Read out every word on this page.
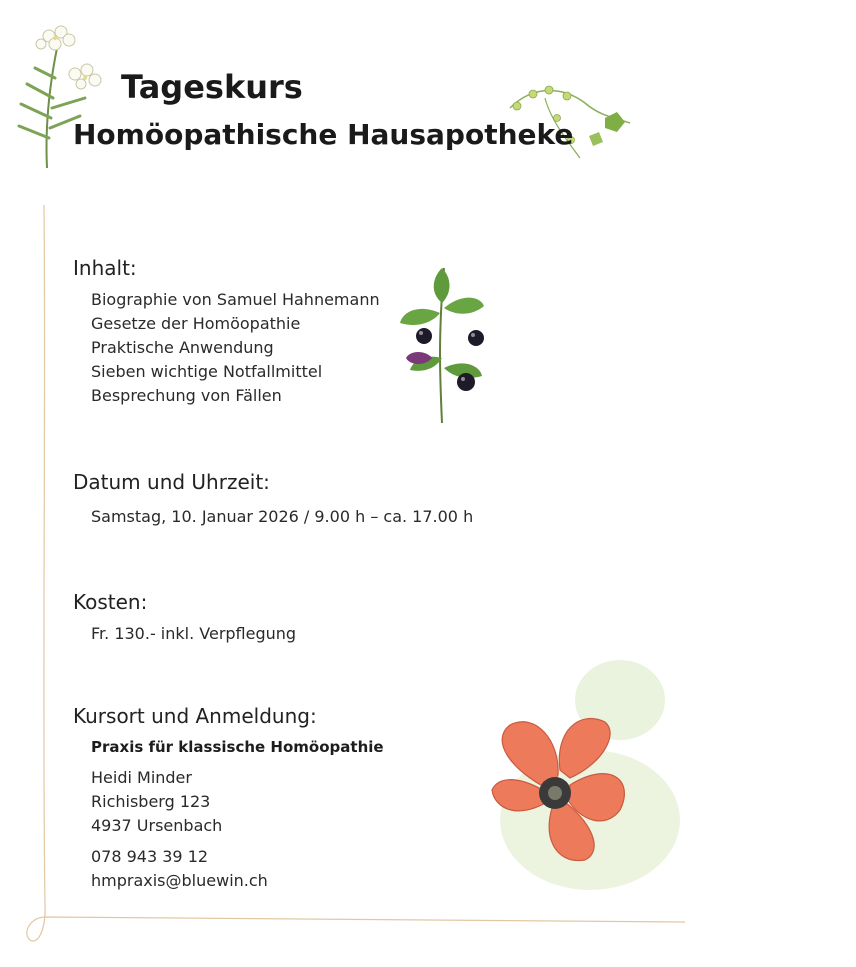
Tageskurs
Homöopathische Hausapotheke
Inhalt:
Biographie von Samuel Hahnemann
Gesetze der Homöopathie
Praktische Anwendung
Sieben wichtige Notfallmittel
Besprechung von Fällen
Datum und Uhrzeit:
Samstag, 10. Januar 2026 / 9.00 h – ca. 17.00 h
Kosten:
Fr. 130.- inkl. Verpflegung
Kursort und Anmeldung:
Praxis für klassische Homöopathie
Heidi Minder
Richisberg 123
4937 Ursenbach
078 943 39 12
hmpraxis@bluewin.ch
